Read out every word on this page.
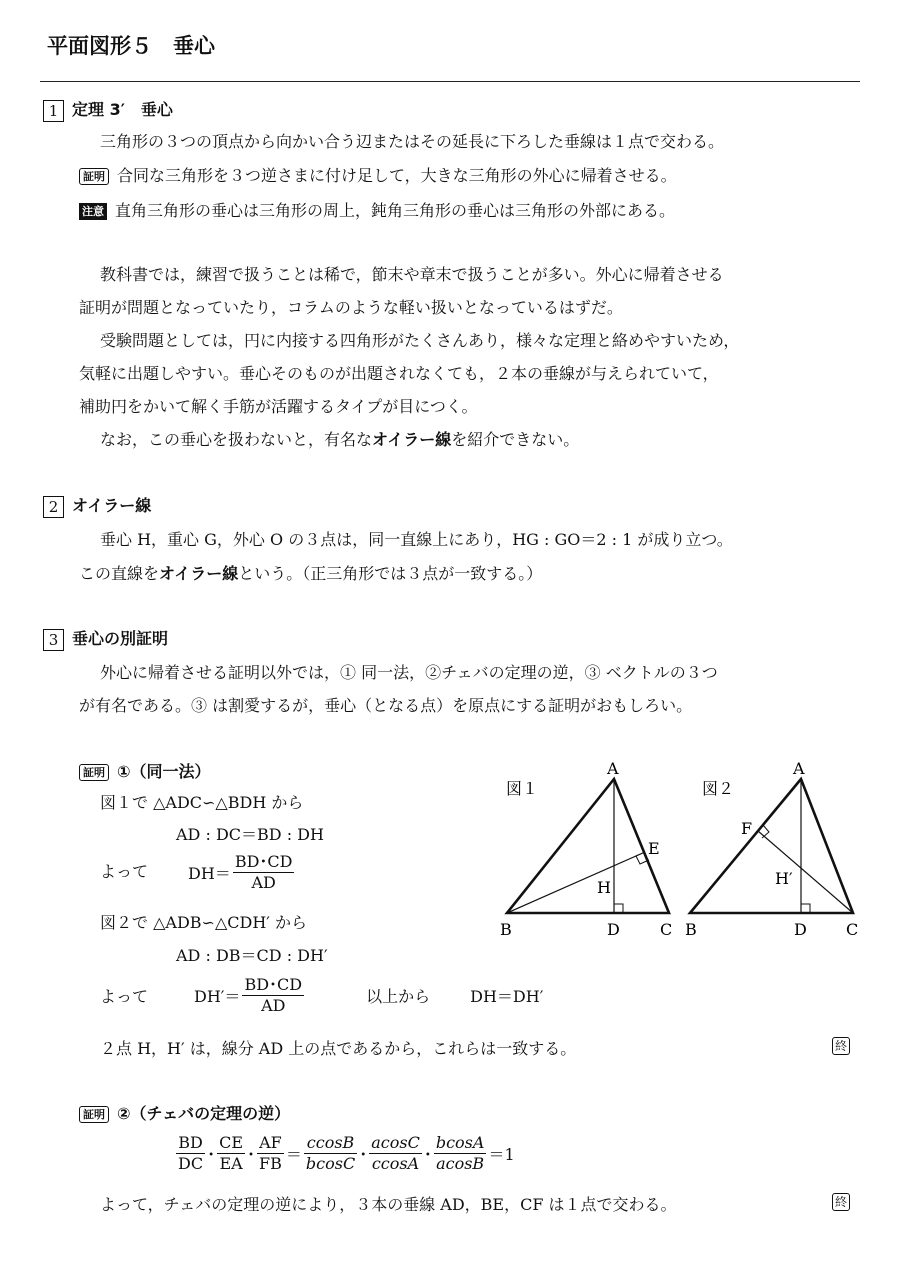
平面図形５　垂心
1 定理 3′　垂心
三角形の３つの頂点から向かい合う辺またはその延長に下ろした垂線は１点で交わる。
証明 合同な三角形を３つ逆さまに付け足して，大きな三角形の外心に帰着させる。
注意 直角三角形の垂心は三角形の周上，鈍角三角形の垂心は三角形の外部にある。
教科書では，練習で扱うことは稀で，節末や章末で扱うことが多い。外心に帰着させる
証明が問題となっていたり，コラムのような軽い扱いとなっているはずだ。
受験問題としては，円に内接する四角形がたくさんあり，様々な定理と絡めやすいため，
気軽に出題しやすい。垂心そのものが出題されなくても，２本の垂線が与えられていて，
補助円をかいて解く手筋が活躍するタイプが目につく。
なお，この垂心を扱わないと，有名なオイラー線を紹介できない。
2 オイラー線
垂心 H，重心 G，外心 O の３点は，同一直線上にあり，HG : GO＝2 : 1 が成り立つ。
この直線をオイラー線という。（正三角形では３点が一致する。）
3 垂心の別証明
外心に帰着させる証明以外では，① 同一法，②チェバの定理の逆，③ ベクトルの３つ
が有名である。③ は割愛するが，垂心（となる点）を原点にする証明がおもしろい。
証明 ①（同一法）
図１で △ADC∽△BDH から
AD : DC＝BD : DH
よって	$DH= \frac{BD･CD}{AD}$
図２で △ADB∽△CDH′ から
AD : DB＝CD : DH′
よって	$DH'= \frac{BD･CD}{AD}$	以上から	DH＝DH′
２点 H，H′ は，線分 AD 上の点であるから，これらは一致する。	終
図１
A
B	C
D
E
H
図２
A
B	C
D
F
H′
証明 ②（チェバの定理の逆）
$\frac{BD}{DC}$ ･ $\frac{CE}{EA}$ ･ $\frac{AF}{FB} = \frac{ccosB}{bcosC}$ ･ $\frac{acosC}{ccosA}$ ･ $\frac{bcosA}{acosB} =1$
よって，チェバの定理の逆により，３本の垂線 AD，BE，CF は１点で交わる。	終
